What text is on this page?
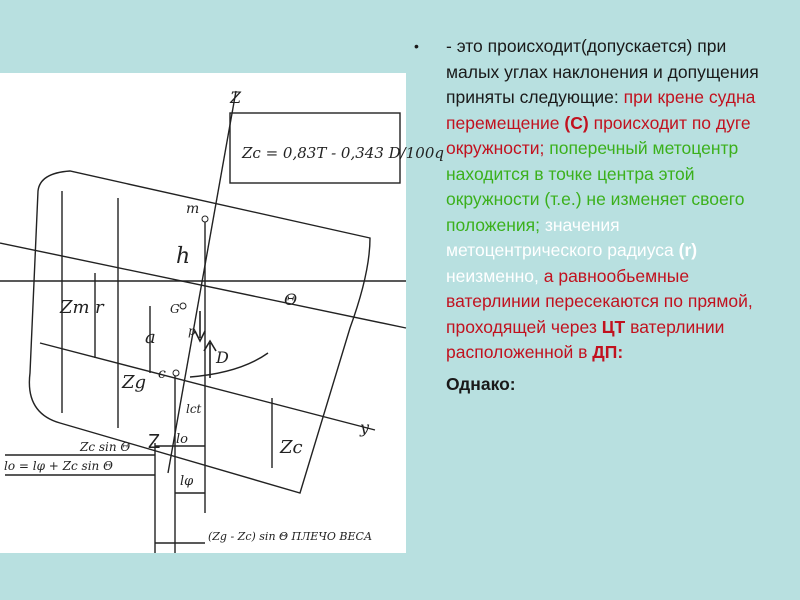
Zᴄ = 0,83T - 0,343 D/100q
Z
y
m
h
G
p
D
c
Θ
Zm r
a
Zg
Zc
lct
lo
lφ
Z
Zc sin Θ
lo = lφ + Zc sin Θ
(Zg - Zc) sin Θ ПЛЕЧО ВЕСА
•	- это происходит(допускается) при малых углах наклонения и допущения приняты следующие: при крене судна перемещение (С) происходит по дуге окружности; поперечный метоцентр находится в точке центра этой окружности (т.е.) не изменяет своего положения; значения метоцентрического радиуса (r) неизменно, а равнообьемные ватерлинии пересекаются по прямой, проходящей через ЦТ ватерлинии расположенной в ДП:
Однако:
